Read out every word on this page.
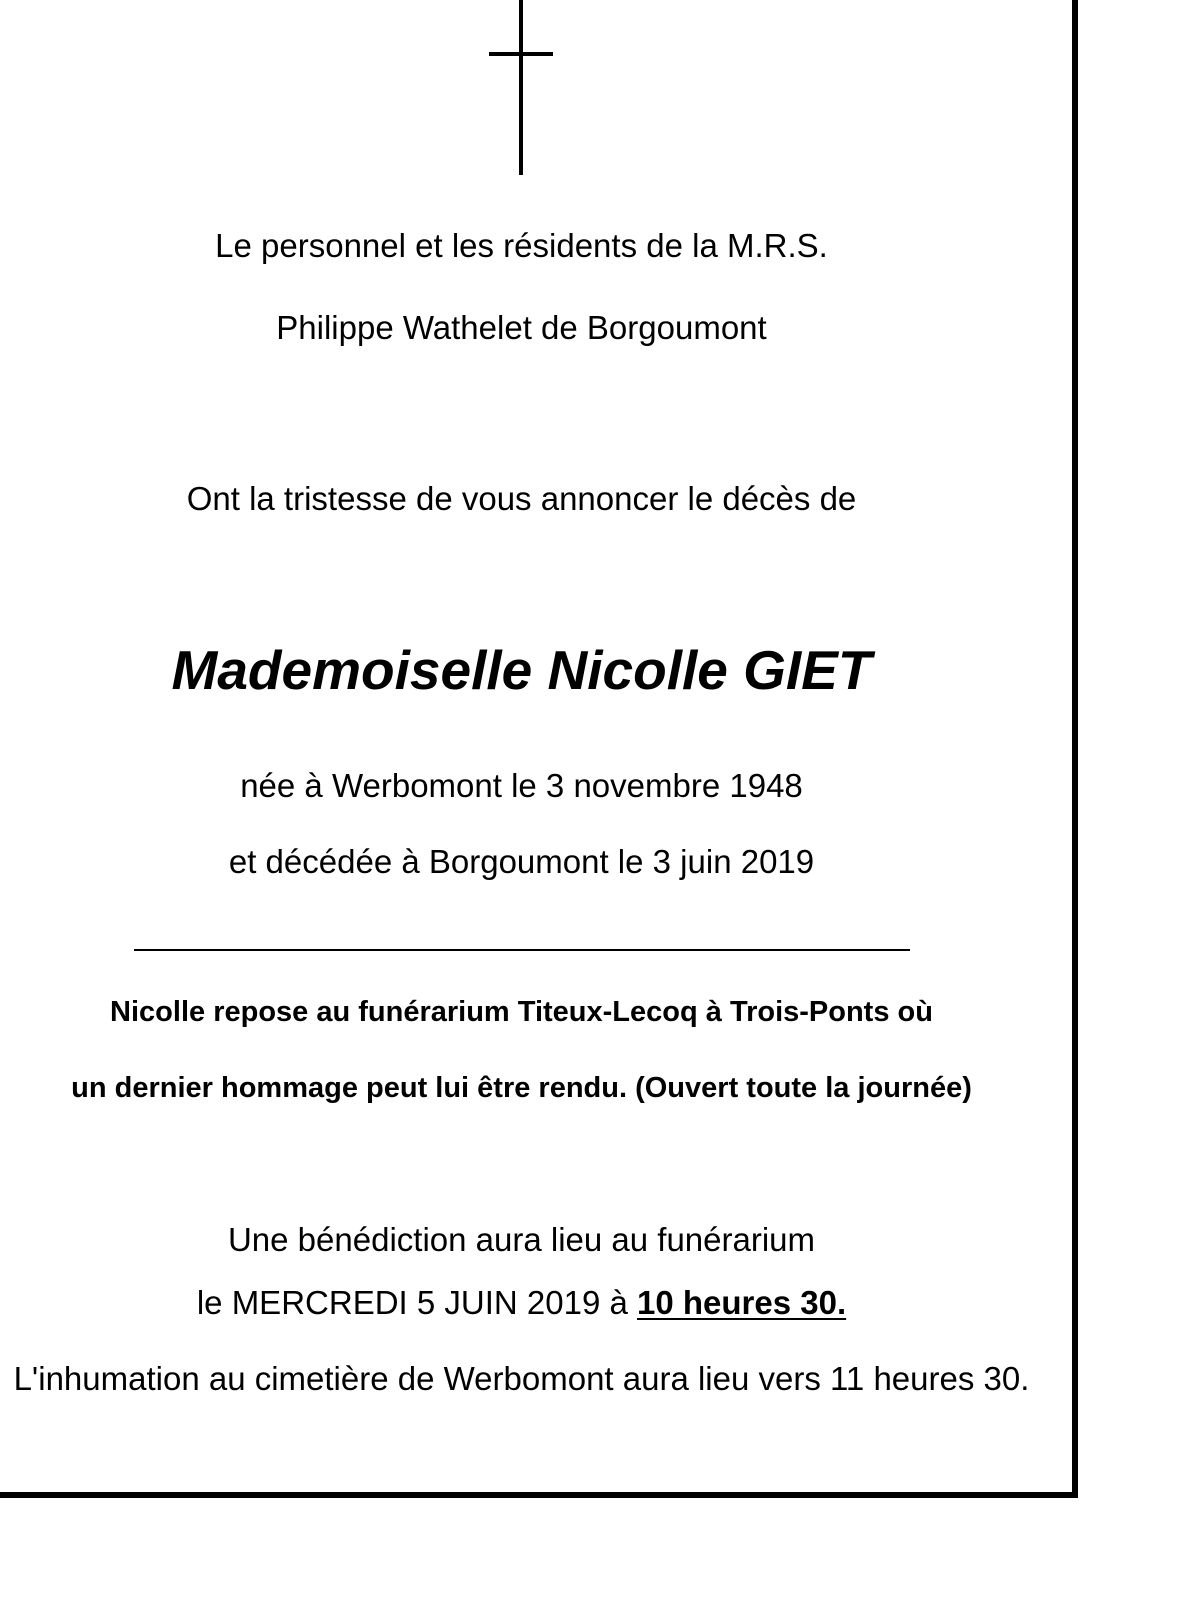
Le personnel et les résidents de la M.R.S.
Philippe Wathelet de Borgoumont
Ont la tristesse de vous annoncer le décès de
Mademoiselle Nicolle GIET
née à Werbomont le 3 novembre 1948
et décédée à Borgoumont le 3 juin 2019
Nicolle repose au funérarium Titeux-Lecoq à Trois-Ponts où
un dernier hommage peut lui être rendu. (Ouvert toute la journée)
Une bénédiction aura lieu au funérarium
le MERCREDI 5 JUIN 2019 à 10 heures 30.
L'inhumation au cimetière de Werbomont aura lieu vers 11 heures 30.
